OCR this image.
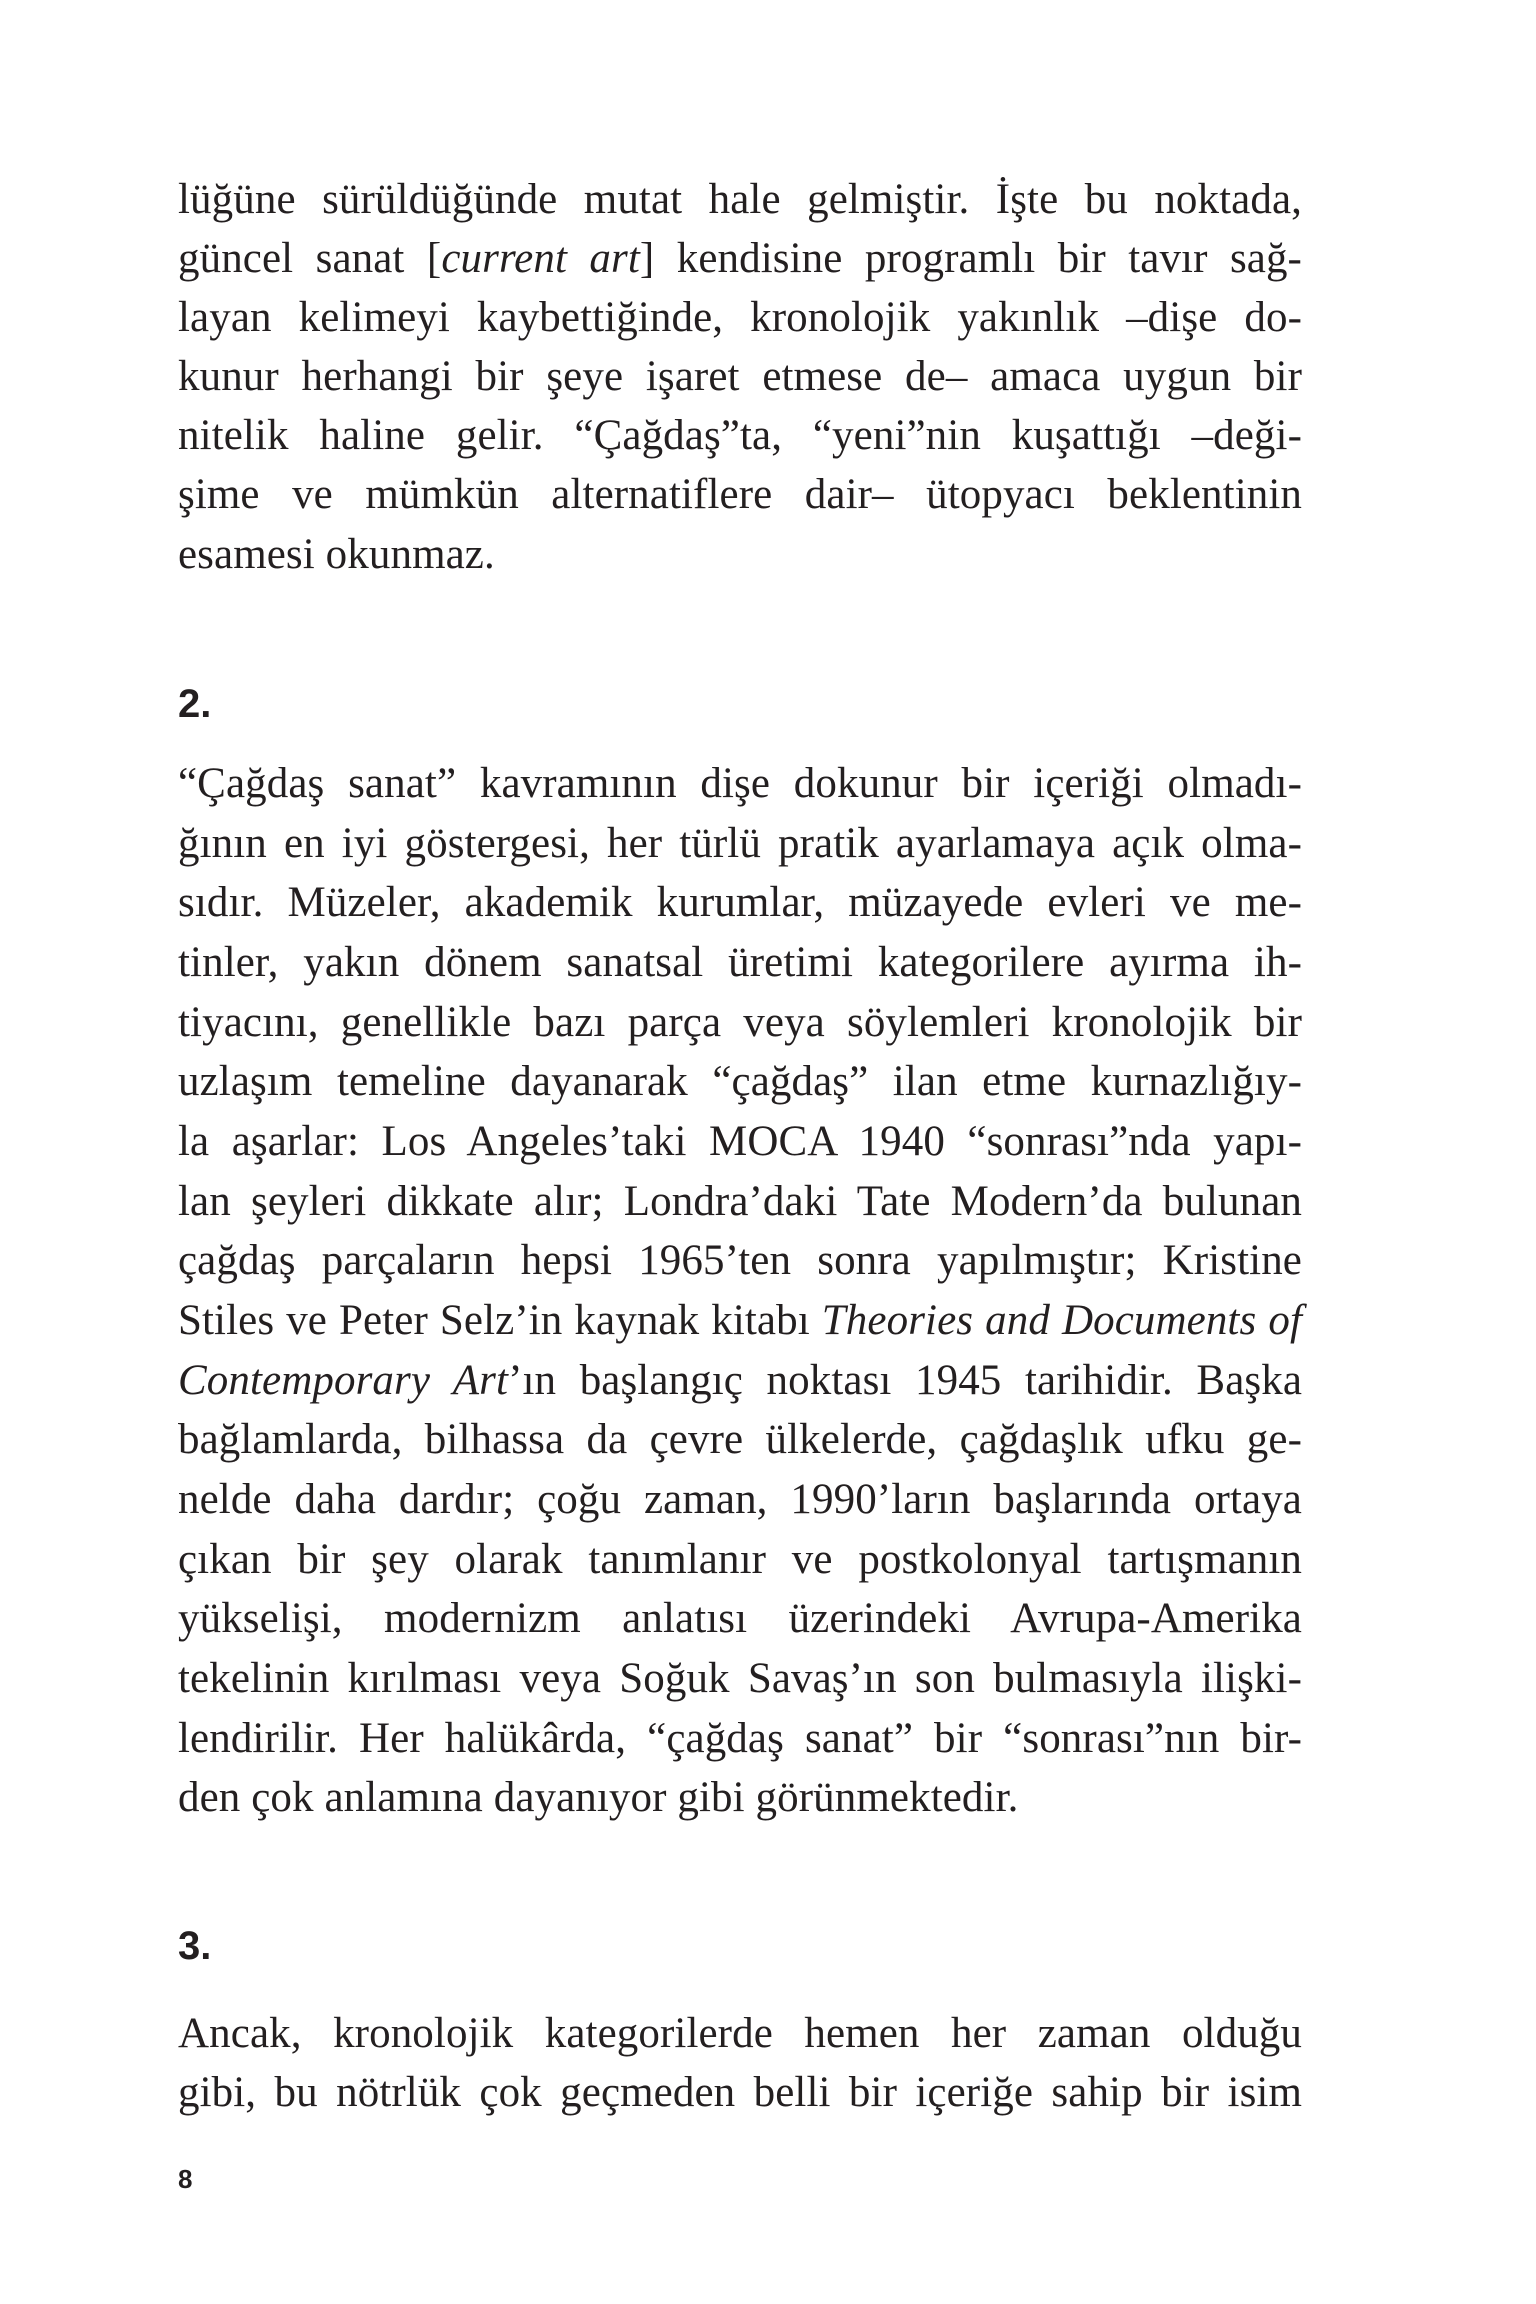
lüğüne sürüldüğünde mutat hale gelmiştir. İşte bu noktada,
güncel sanat [current art] kendisine programlı bir tavır sağ-
layan kelimeyi kaybettiğinde, kronolojik yakınlık –dişe do-
kunur herhangi bir şeye işaret etmese de– amaca uygun bir
nitelik haline gelir. “Çağdaş”ta, “yeni”nin kuşattığı –deği-
şime ve mümkün alternatiflere dair– ütopyacı beklentinin
esamesi okunmaz.
2.
“Çağdaş sanat” kavramının dişe dokunur bir içeriği olmadı-
ğının en iyi göstergesi, her türlü pratik ayarlamaya açık olma-
sıdır. Müzeler, akademik kurumlar, müzayede evleri ve me-
tinler, yakın dönem sanatsal üretimi kategorilere ayırma ih-
tiyacını, genellikle bazı parça veya söylemleri kronolojik bir
uzlaşım temeline dayanarak “çağdaş” ilan etme kurnazlığıy-
la aşarlar: Los Angeles’taki MOCA 1940 “sonrası”nda yapı-
lan şeyleri dikkate alır; Londra’daki Tate Modern’da bulunan
çağdaş parçaların hepsi 1965’ten sonra yapılmıştır; Kristine
Stiles ve Peter Selz’in kaynak kitabı Theories and Documents of
Contemporary Art’ın başlangıç noktası 1945 tarihidir. Başka
bağlamlarda, bilhassa da çevre ülkelerde, çağdaşlık ufku ge-
nelde daha dardır; çoğu zaman, 1990’ların başlarında ortaya
çıkan bir şey olarak tanımlanır ve postkolonyal tartışmanın
yükselişi, modernizm anlatısı üzerindeki Avrupa-Amerika
tekelinin kırılması veya Soğuk Savaş’ın son bulmasıyla ilişki-
lendirilir. Her halükârda, “çağdaş sanat” bir “sonrası”nın bir-
den çok anlamına dayanıyor gibi görünmektedir.
3.
Ancak, kronolojik kategorilerde hemen her zaman olduğu
gibi, bu nötrlük çok geçmeden belli bir içeriğe sahip bir isim
8
